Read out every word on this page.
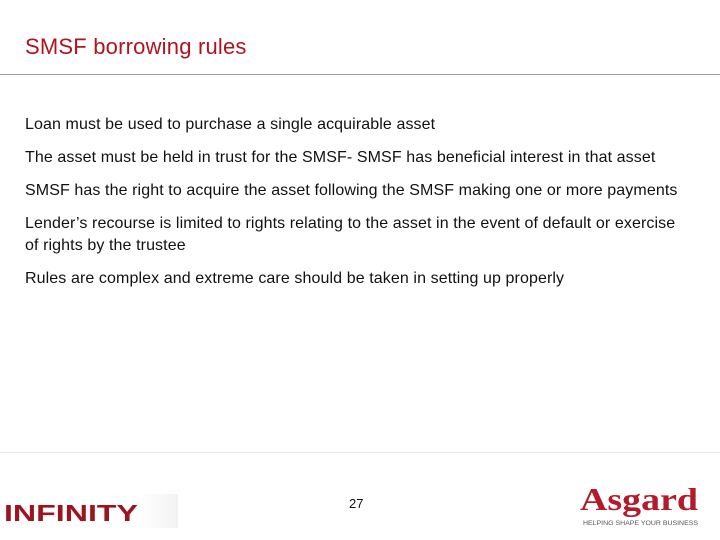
SMSF borrowing rules
Loan must be used to purchase a single acquirable asset
The asset must be held in trust for the SMSF- SMSF has beneficial interest in that asset
SMSF has the right to acquire the asset following the SMSF making one or more payments
Lender’s recourse is limited to rights relating to the asset in the event of default or exercise of rights by the trustee
Rules are complex and extreme care should be taken in setting up properly
INFINITY	27	Asgard
HELPING SHAPE YOUR BUSINESS
